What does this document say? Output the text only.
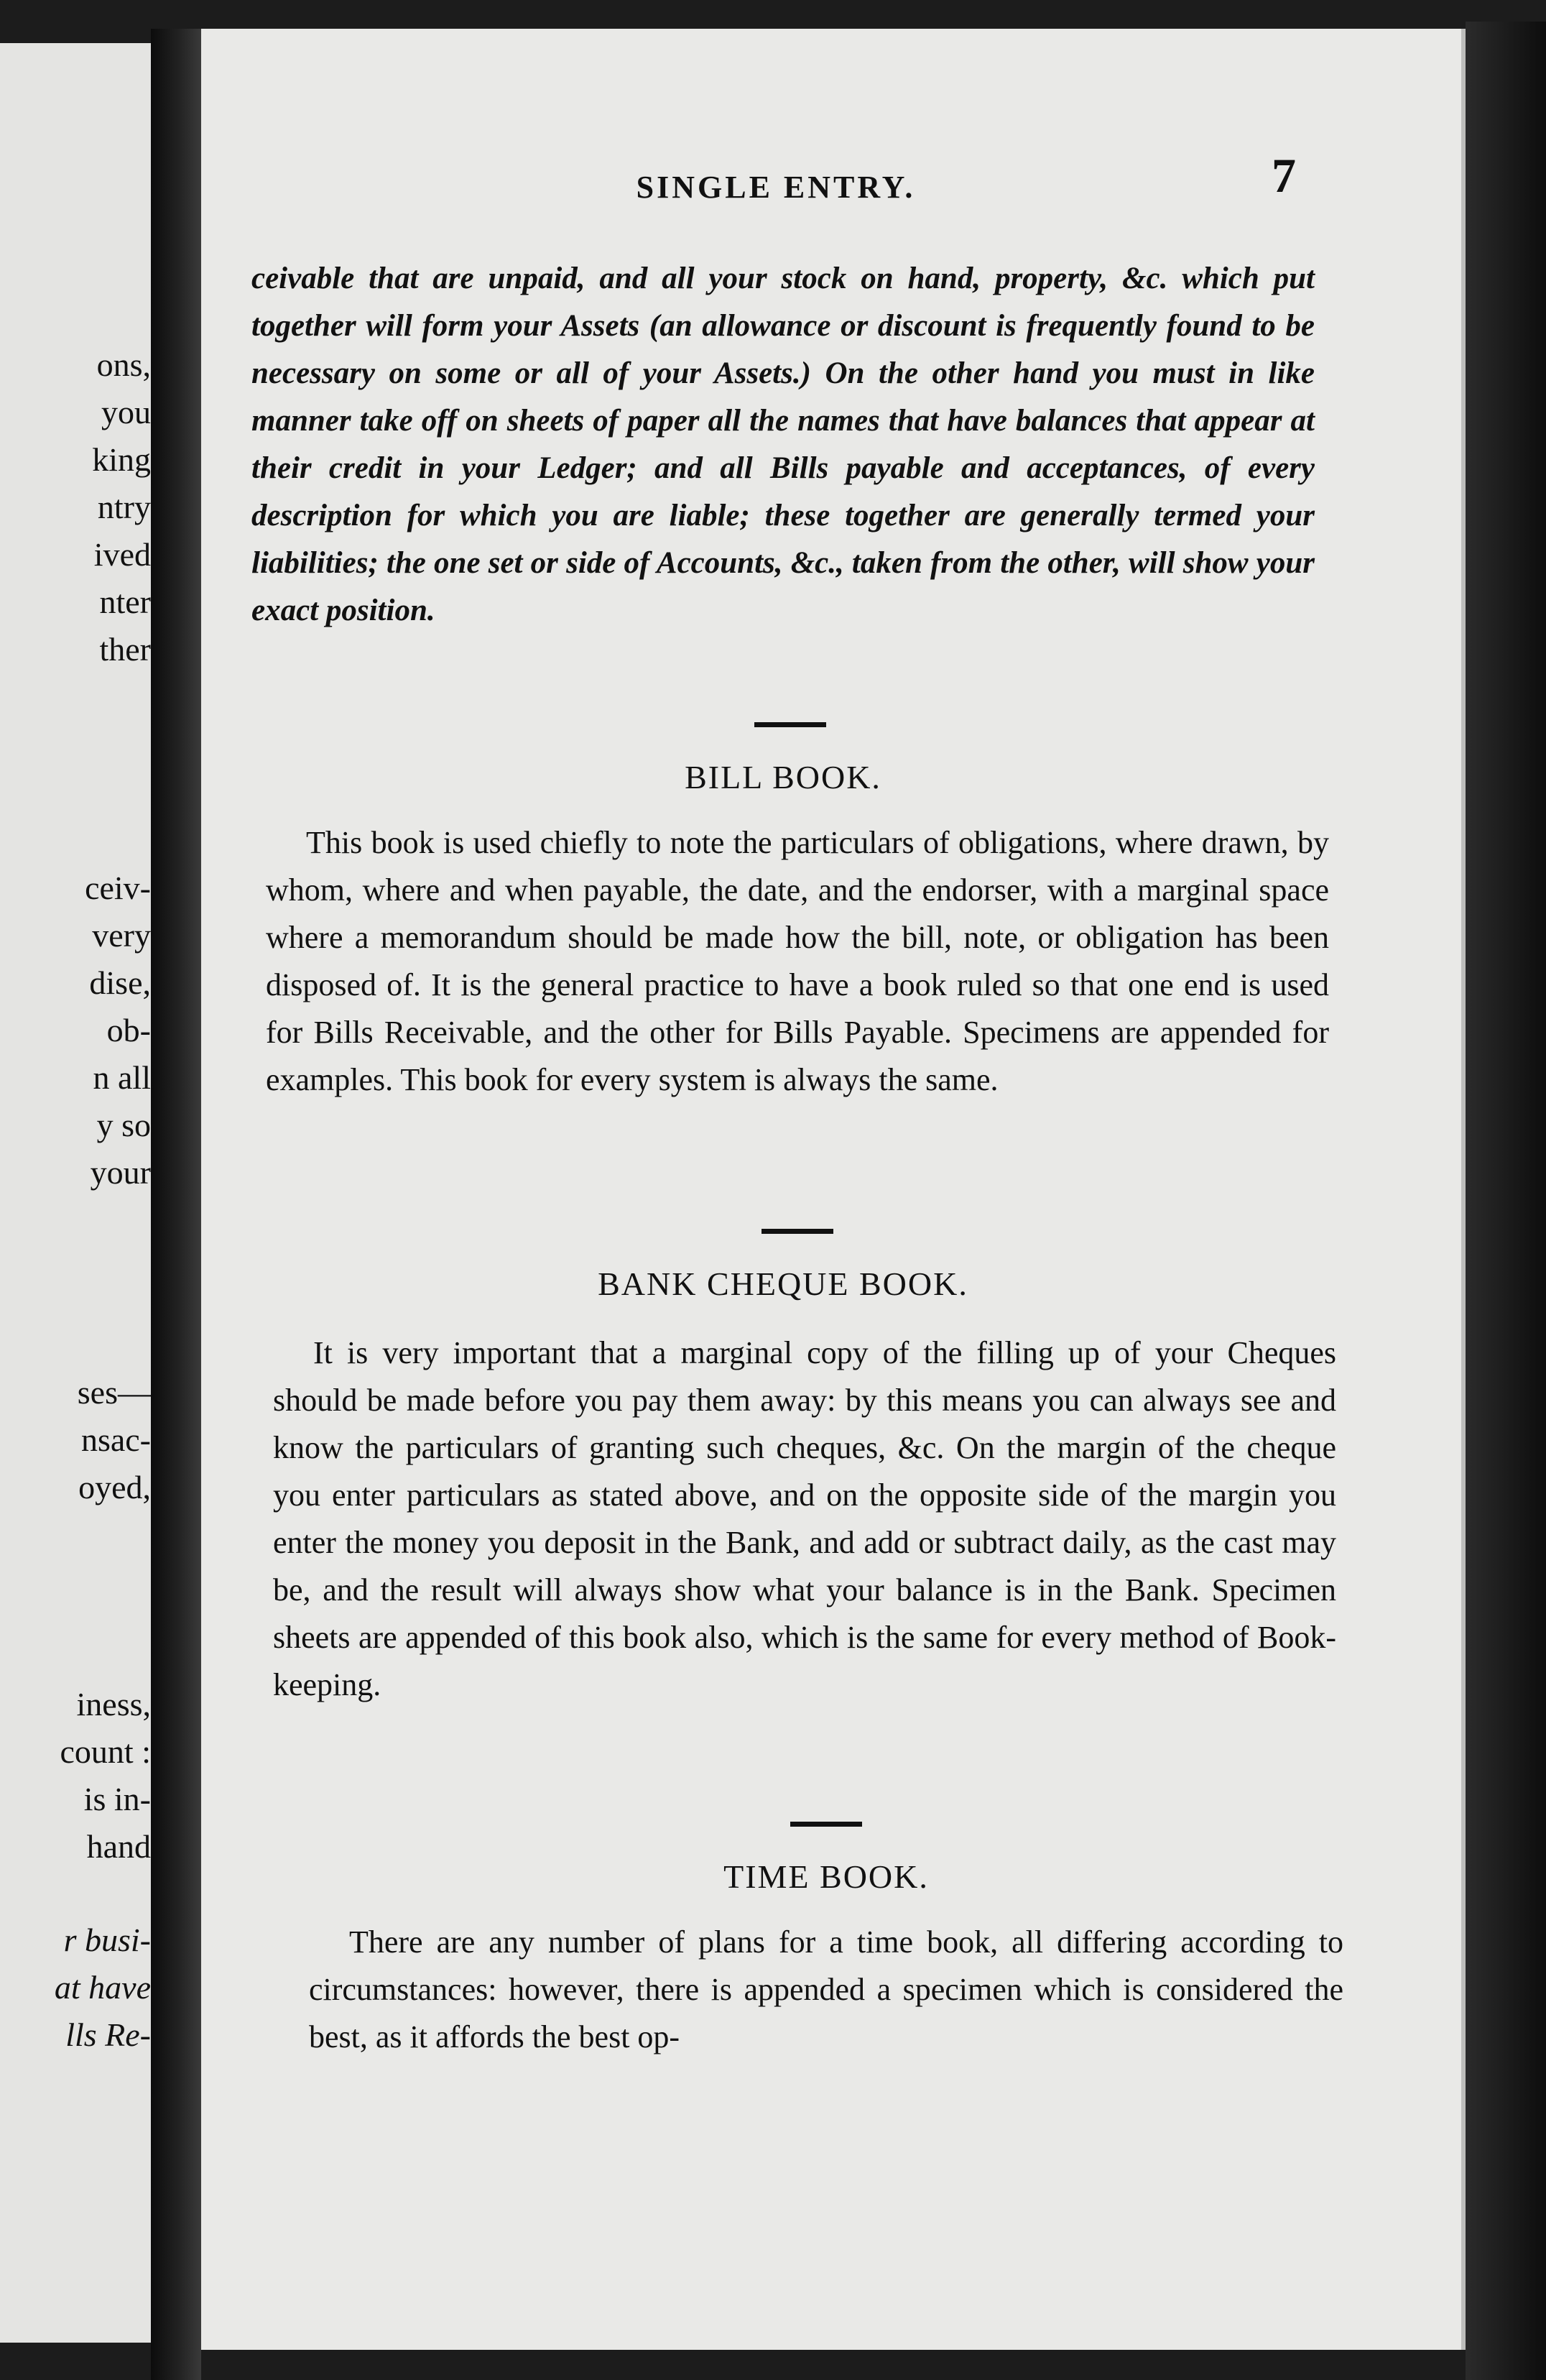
ons,
you
king
ntry
ived
nter
ther
ceiv-
very
dise,
ob-
n all
y so
your
ses—
nsac-
oyed,
iness,
count :
is in-
hand
r busi-
at have
lls Re-
SINGLE ENTRY.	7

ceivable that are unpaid, and all your stock on hand, property, &c. which put together will form your Assets (an allowance or discount is frequently found to be necessary on some or all of your Assets.) On the other hand you must in like manner take off on sheets of paper all the names that have balances that appear at their credit in your Ledger; and all Bills payable and acceptances, of every description for which you are liable; these together are generally termed your liabilities; the one set or side of Accounts, &c., taken from the other, will show your exact position.

BILL BOOK.

This book is used chiefly to note the particulars of obligations, where drawn, by whom, where and when payable, the date, and the endorser, with a marginal space where a memorandum should be made how the bill, note, or obligation has been disposed of. It is the general practice to have a book ruled so that one end is used for Bills Receivable, and the other for Bills Payable. Specimens are appended for examples. This book for every system is always the same.

BANK CHEQUE BOOK.

It is very important that a marginal copy of the filling up of your Cheques should be made before you pay them away: by this means you can always see and know the particulars of granting such cheques, &c. On the margin of the cheque you enter particulars as stated above, and on the opposite side of the margin you enter the money you deposit in the Bank, and add or subtract daily, as the cast may be, and the result will always show what your balance is in the Bank. Specimen sheets are appended of this book also, which is the same for every method of Book-keeping.

TIME BOOK.

There are any number of plans for a time book, all differing according to circumstances: however, there is appended a specimen which is considered the best, as it affords the best op-
